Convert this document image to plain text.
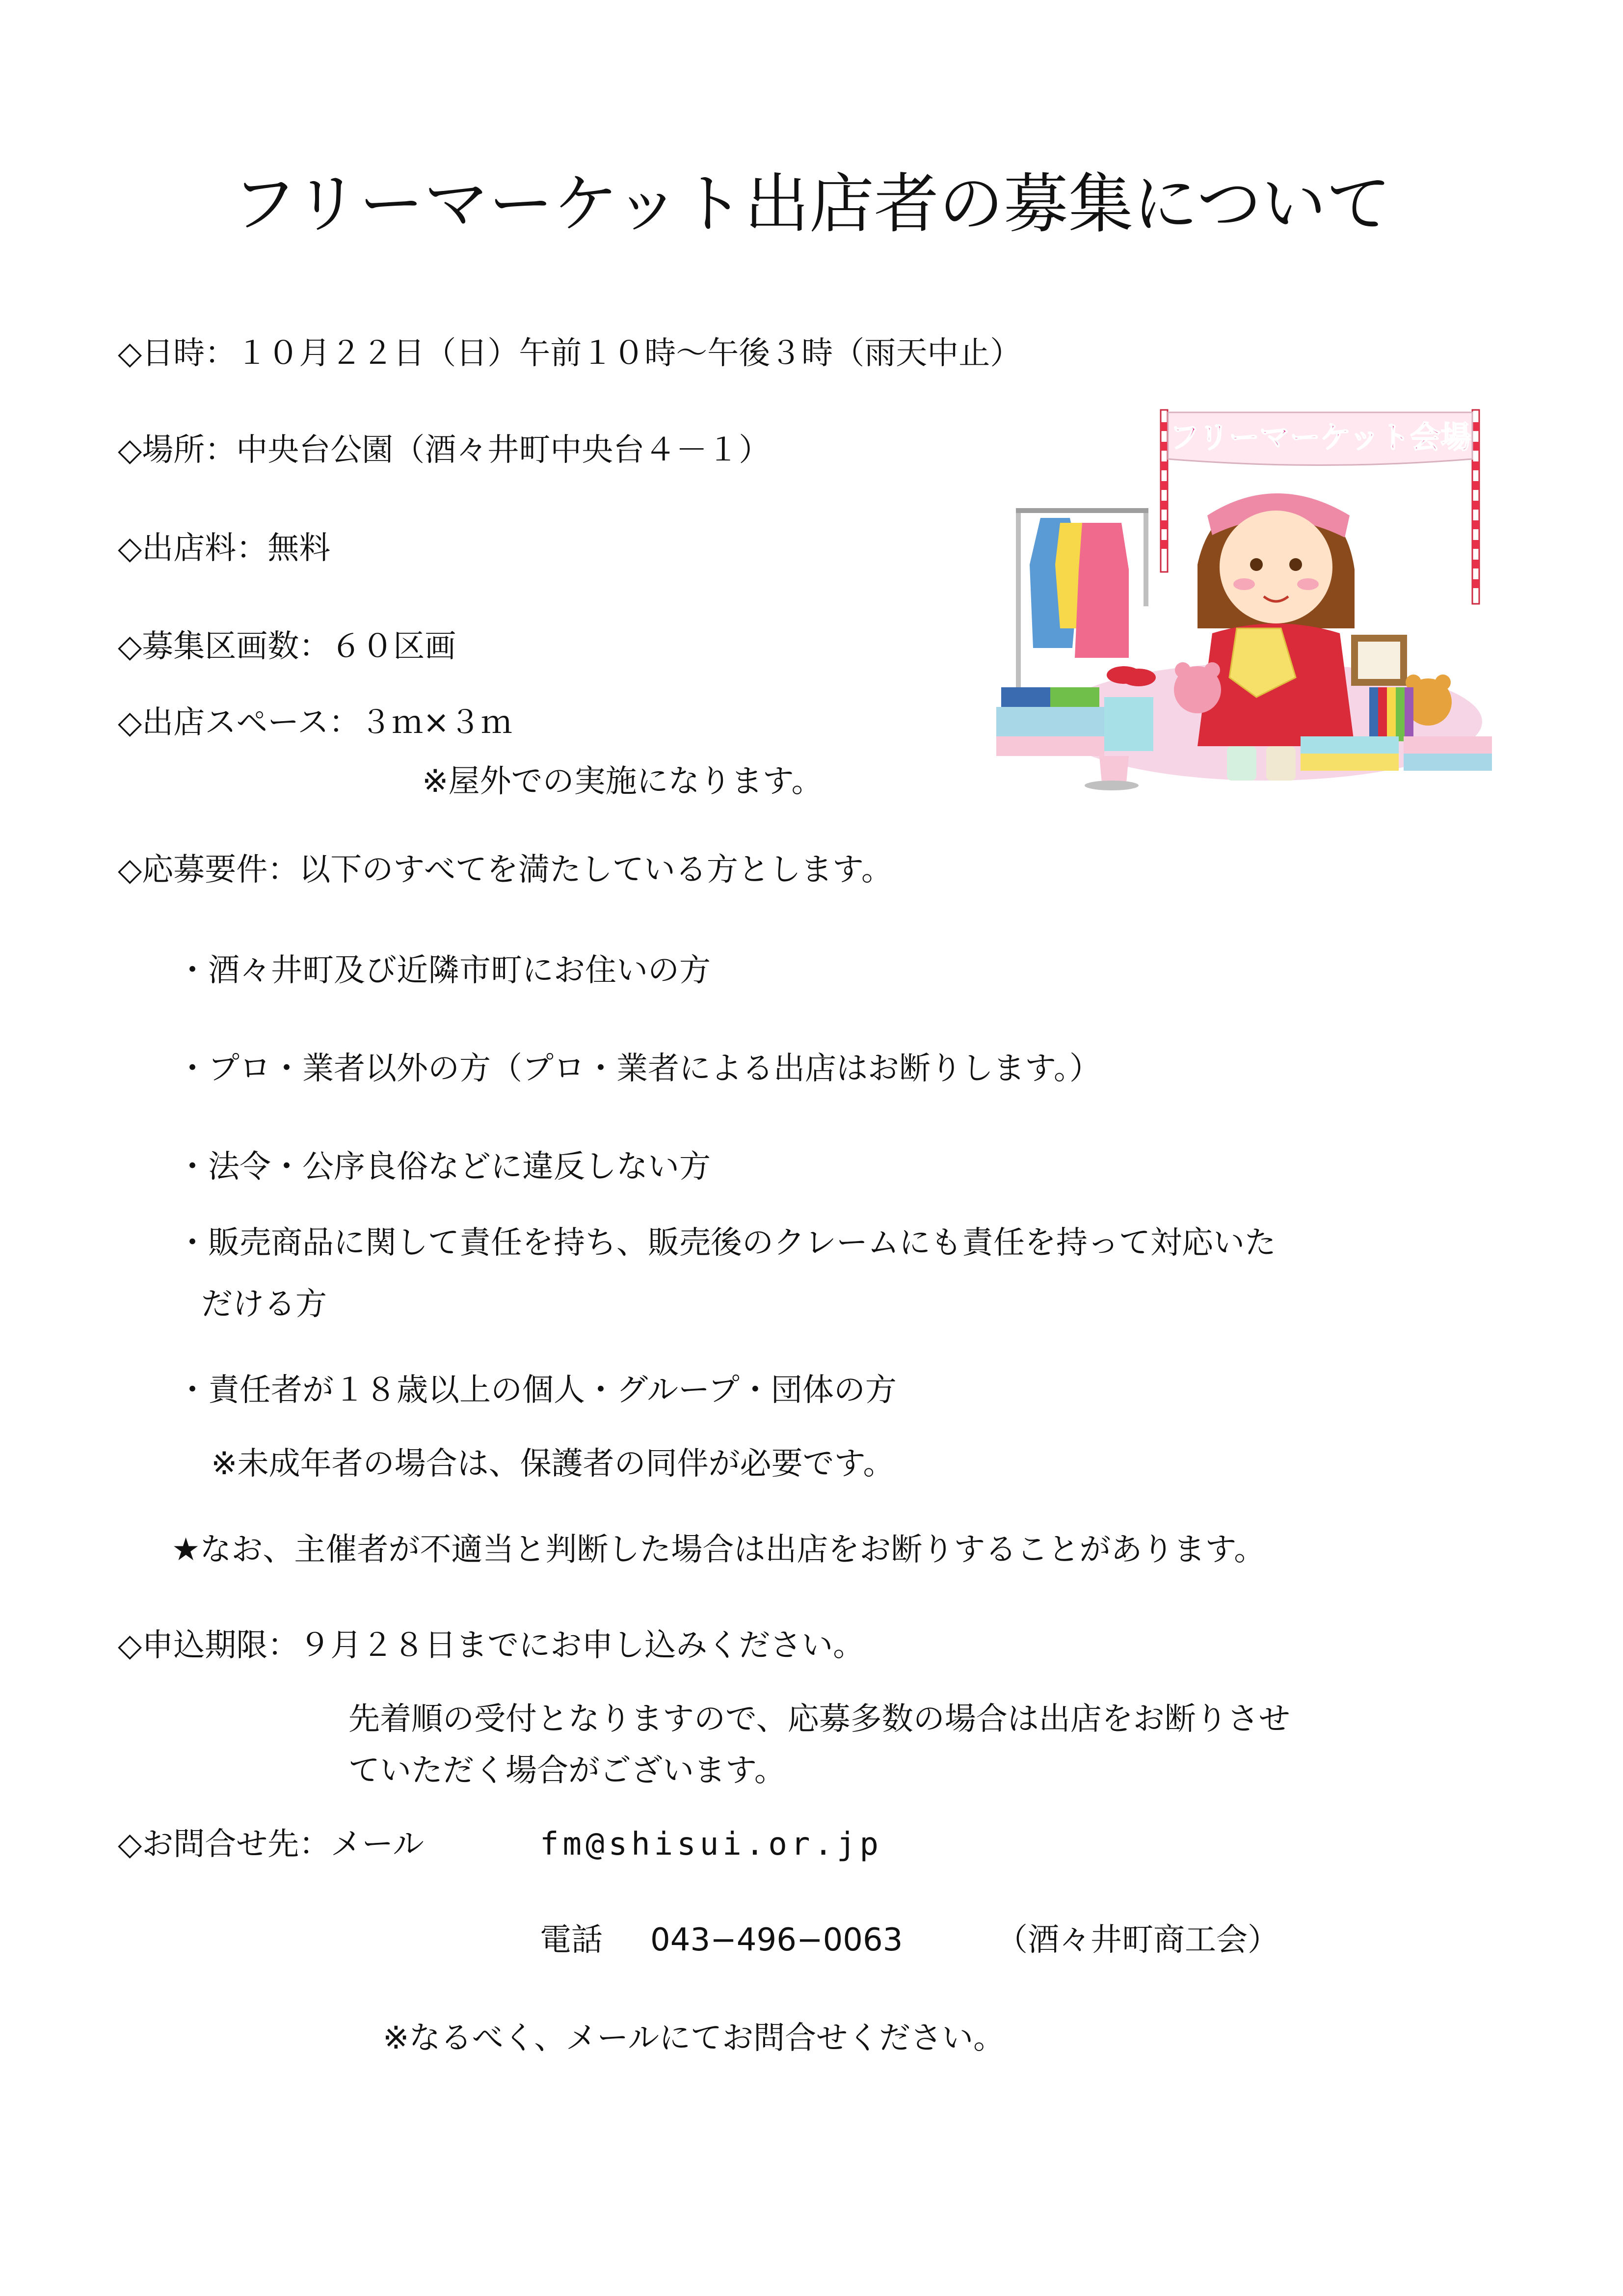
フリーマーケット出店者の募集について
◇日時：１０月２２日（日）午前１０時〜午後３時（雨天中止）
◇場所：中央台公園（酒々井町中央台４－１）
◇出店料：無料
◇募集区画数：６０区画
◇出店スペース：３ｍ×３ｍ
※屋外での実施になります。
◇応募要件：以下のすべてを満たしている方とします。
・酒々井町及び近隣市町にお住いの方
・プロ・業者以外の方（プロ・業者による出店はお断りします。）
・法令・公序良俗などに違反しない方
・販売商品に関して責任を持ち、販売後のクレームにも責任を持って対応いた
だける方
・責任者が１８歳以上の個人・グループ・団体の方
※未成年者の場合は、保護者の同伴が必要です。
★なお、主催者が不適当と判断した場合は出店をお断りすることがあります。
◇申込期限：９月２８日までにお申し込みください。
先着順の受付となりますので、応募多数の場合は出店をお断りさせ
ていただく場合がございます。
◇お問合せ先：メール	fm@shisui.or.jp
電話 043−496−0063	（酒々井町商工会）
※なるべく、メールにてお問合せください。
フリーマーケット会場
